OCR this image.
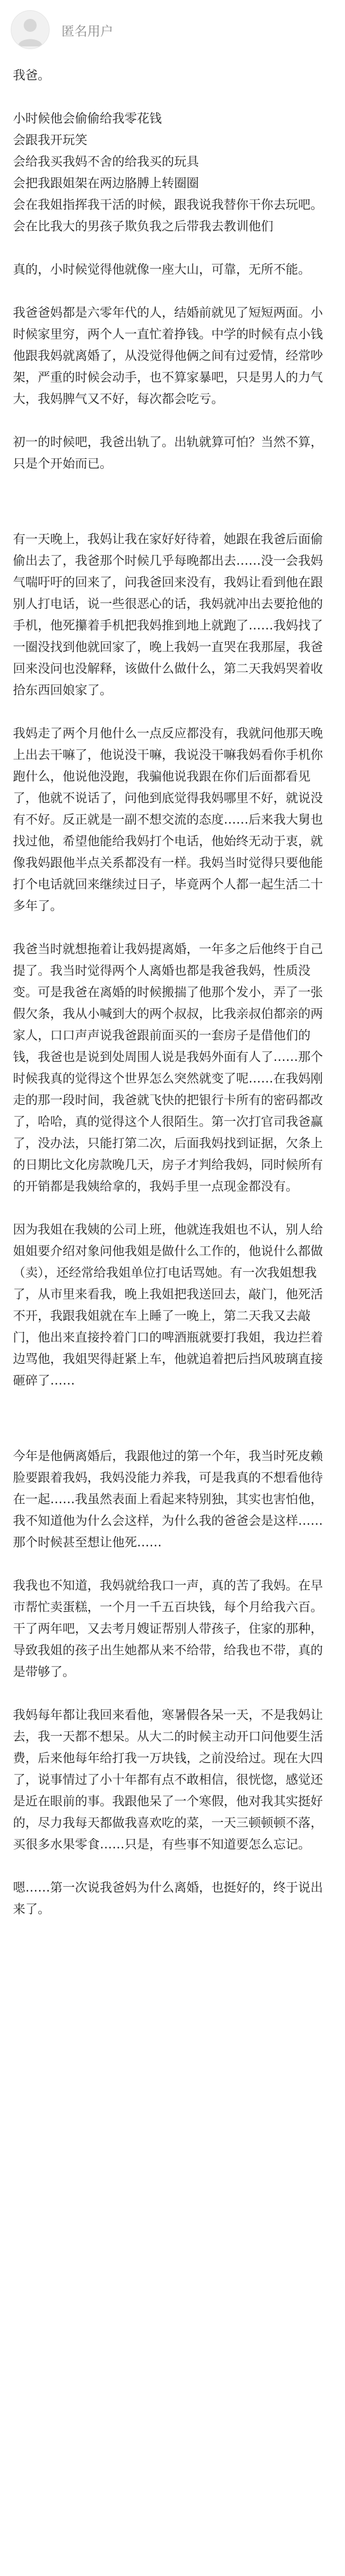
匿名用户

我爸。

小时候他会偷偷给我零花钱
会跟我开玩笑
会给我买我妈不舍的给我买的玩具
会把我跟姐架在两边胳膊上转圈圈
会在我姐指挥我干活的时候，跟我说我替你干你去玩吧。
会在比我大的男孩子欺负我之后带我去教训他们

真的，小时候觉得他就像一座大山，可靠，无所不能。

我爸爸妈都是六零年代的人，结婚前就见了短短两面。小时候家里穷，两个人一直忙着挣钱。中学的时候有点小钱他跟我妈就离婚了，从没觉得他俩之间有过爱情，经常吵架，严重的时候会动手，也不算家暴吧，只是男人的力气大，我妈脾气又不好，每次都会吃亏。

初一的时候吧，我爸出轨了。出轨就算可怕？当然不算，只是个开始而已。

有一天晚上，我妈让我在家好好待着，她跟在我爸后面偷偷出去了，我爸那个时候几乎每晚都出去……没一会我妈气喘吁吁的回来了，问我爸回来没有，我妈让看到他在跟别人打电话，说一些很恶心的话，我妈就冲出去要抢他的手机，他死攥着手机把我妈推到地上就跑了……我妈找了一圈没找到他就回家了，晚上我妈一直哭在我那屋，我爸回来没问也没解释，该做什么做什么，第二天我妈哭着收拾东西回娘家了。

我妈走了两个月他什么一点反应都没有，我就问他那天晚上出去干嘛了，他说没干嘛，我说没干嘛我妈看你手机你跑什么，他说他没跑，我骗他说我跟在你们后面都看见了，他就不说话了，问他到底觉得我妈哪里不好，就说没有不好。反正就是一副不想交流的态度……后来我大舅也找过他，希望他能给我妈打个电话，他始终无动于衷，就像我妈跟他半点关系都没有一样。我妈当时觉得只要他能打个电话就回来继续过日子，毕竟两个人都一起生活二十多年了。

我爸当时就想拖着让我妈提离婚，一年多之后他终于自己提了。我当时觉得两个人离婚也都是我爸我妈，性质没变。可是我爸在离婚的时候搬揣了他那个发小，弄了一张假欠条，我从小喊到大的两个叔叔，比我亲叔伯都亲的两家人，口口声声说我爸跟前面买的一套房子是借他们的钱，我爸也是说到处周围人说是我妈外面有人了……那个时候我真的觉得这个世界怎么突然就变了呢……在我妈刚走的那一段时间，我爸就飞快的把银行卡所有的密码都改了，哈哈，真的觉得这个人很陌生。第一次打官司我爸赢了，没办法，只能打第二次，后面我妈找到证据，欠条上的日期比文化房款晚几天，房子才判给我妈，同时候所有的开销都是我姨给拿的，我妈手里一点现金都没有。

因为我姐在我姨的公司上班，他就连我姐也不认，别人给姐姐要介绍对象问他我姐是做什么工作的，他说什么都做（卖），还经常给我姐单位打电话骂她。有一次我姐想我了，从市里来看我，晚上我姐把我送回去，敲门，他死活不开，我跟我姐就在车上睡了一晚上，第二天我又去敲门，他出来直接拎着门口的啤酒瓶就要打我姐，我边拦着边骂他，我姐哭得赶紧上车，他就追着把后挡风玻璃直接砸碎了……

今年是他俩离婚后，我跟他过的第一个年，我当时死皮赖脸要跟着我妈，我妈没能力养我，可是我真的不想看他待在一起……我虽然表面上看起来特别独，其实也害怕他，我不知道他为什么会这样，为什么我的爸爸会是这样……那个时候甚至想让他死……

我我也不知道，我妈就给我口一声，真的苦了我妈。在早市帮忙卖蛋糕，一个月一千五百块钱，每个月给我六百。干了两年吧，又去考月嫂证帮别人带孩子，住家的那种，导致我姐的孩子出生她都从来不给带，给我也不带，真的是带够了。

我妈每年都让我回来看他，寒暑假各呆一天，不是我妈让去，我一天都不想呆。从大二的时候主动开口问他要生活费，后来他每年给打我一万块钱，之前没给过。现在大四了，说事情过了小十年都有点不敢相信，很恍惚，感觉还是近在眼前的事。我跟他呆了一个寒假，他对我其实挺好的，尽力我每天都做我喜欢吃的菜，一天三顿顿顿不落，买很多水果零食……只是，有些事不知道要怎么忘记。

嗯……第一次说我爸妈为什么离婚，也挺好的，终于说出来了。
